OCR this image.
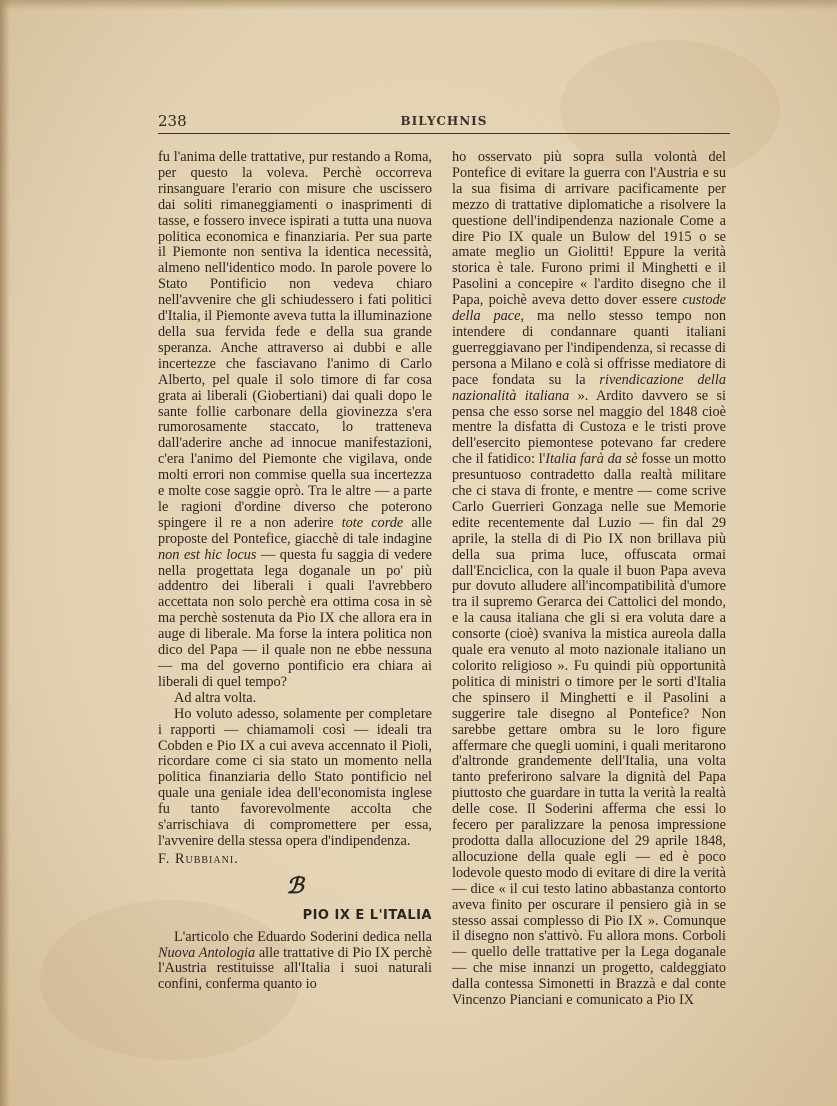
238	BILYCHNIS

fu l'anima delle trattative, pur restando a Roma, per questo la voleva. Perchè occorreva rinsanguare l'erario con misure che uscissero dai soliti rimaneggiamenti o inasprimenti di tasse, e fossero invece ispirati a tutta una nuova politica economica e finanziaria. Per sua parte il Piemonte non sentiva la identica necessità, almeno nell'identico modo. In parole povere lo Stato Pontificio non vedeva chiaro nell'avvenire che gli schiudessero i fati politici d'Italia, il Piemonte aveva tutta la illuminazione della sua fervida fede e della sua grande speranza. Anche attraverso ai dubbi e alle incertezze che fasciavano l'animo di Carlo Alberto, pel quale il solo timore di far cosa grata ai liberali (Giobertiani) dai quali dopo le sante follie carbonare della giovinezza s'era rumorosamente staccato, lo tratteneva dall'aderire anche ad innocue manifestazioni, c'era l'animo del Piemonte che vigilava, onde molti errori non commise quella sua incertezza e molte cose saggie oprò. Tra le altre — a parte le ragioni d'ordine diverso che poterono spingere il re a non aderire tote corde alle proposte del Pontefice, giacchè di tale indagine non est hic locus — questa fu saggia di vedere nella progettata lega doganale un po' più addentro dei liberali i quali l'avrebbero accettata non solo perchè era ottima cosa in sè ma perchè sostenuta da Pio IX che allora era in auge di liberale. Ma forse la intera politica non dico del Papa — il quale non ne ebbe nessuna — ma del governo pontificio era chiara ai liberali di quel tempo?

Ad altra volta.

Ho voluto adesso, solamente per completare i rapporti — chiamamoli così — ideali tra Cobden e Pio IX a cui aveva accennato il Pioli, ricordare come ci sia stato un momento nella politica finanziaria dello Stato pontificio nel quale una geniale idea dell'economista inglese fu tanto favorevolmente accolta che s'arrischiava di compromettere per essa, l'avvenire della stessa opera d'indipendenza.

F. Rubbiani.

ℬ

PIO IX E L'ITALIA

L'articolo che Eduardo Soderini dedica nella Nuova Antologia alle trattative di Pio IX perchè l'Austria restituisse all'Italia i suoi naturali confini, conferma quanto io

ho osservato più sopra sulla volontà del Pontefice di evitare la guerra con l'Austria e su la sua fisima di arrivare pacificamente per mezzo di trattative diplomatiche a risolvere la questione dell'indipendenza nazionale Come a dire Pio IX quale un Bulow del 1915 o se amate meglio un Giolitti! Eppure la verità storica è tale. Furono primi il Minghetti e il Pasolini a concepire « l'ardito disegno che il Papa, poichè aveva detto dover essere custode della pace, ma nello stesso tempo non intendere di condannare quanti italiani guerreggiavano per l'indipendenza, si recasse di persona a Milano e colà si offrisse mediatore di pace fondata su la rivendicazione della nazionalità italiana ». Ardito davvero se si pensa che esso sorse nel maggio del 1848 cioè mentre la disfatta di Custoza e le tristi prove dell'esercito piemontese potevano far credere che il fatidico: l'Italia farà da sè fosse un motto presuntuoso contradetto dalla realtà militare che ci stava di fronte, e mentre — come scrive Carlo Guerrieri Gonzaga nelle sue Memorie edite recentemente dal Luzio — fin dal 29 aprile, la stella di di Pio IX non brillava più della sua prima luce, offuscata ormai dall'Enciclica, con la quale il buon Papa aveva pur dovuto alludere all'incompatibilità d'umore tra il supremo Gerarca dei Cattolici del mondo, e la causa italiana che gli si era voluta dare a consorte (cioè) svaniva la mistica aureola dalla quale era venuto al moto nazionale italiano un colorito religioso ». Fu quindi più opportunità politica di ministri o timore per le sorti d'Italia che spinsero il Minghetti e il Pasolini a suggerire tale disegno al Pontefice? Non sarebbe gettare ombra su le loro figure affermare che quegli uomini, i quali meritarono d'altronde grandemente dell'Italia, una volta tanto preferirono salvare la dignità del Papa piuttosto che guardare in tutta la verità la realtà delle cose. Il Soderini afferma che essi lo fecero per paralizzare la penosa impressione prodotta dalla allocuzione del 29 aprile 1848, allocuzione della quale egli — ed è poco lodevole questo modo di evitare di dire la verità — dice « il cui testo latino abbastanza contorto aveva finito per oscurare il pensiero già in se stesso assai complesso di Pio IX ». Comunque il disegno non s'attivò. Fu allora mons. Corboli — quello delle trattative per la Lega doganale — che mise innanzi un progetto, caldeggiato dalla contessa Simonetti in Brazzà e dal conte Vincenzo Pianciani e comunicato a Pio IX
